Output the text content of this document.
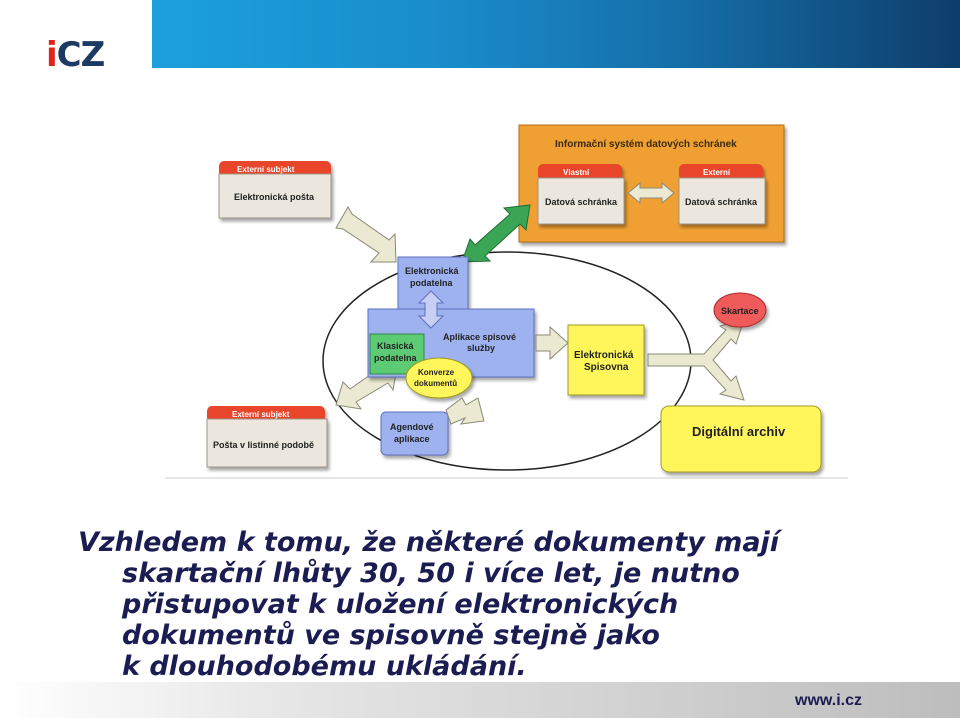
iCZ
Informační systém datových schránek
Vlastní
Datová schránka
Externí
Datová schránka
Externí subjekt
Elektronická pošta
Externí subjekt
Pošta v listinné podobě
Elektronická
podatelna
Aplikace spisové
služby
Klasická
podatelna
Konverze
dokumentů
Agendové
aplikace
Elektronická
Spisovna
Skartace
Digitální archiv
Vzhledem k tomu, že některé dokumenty mají
skartační lhůty 30, 50 i více let, je nutno
přistupovat k uložení elektronických
dokumentů ve spisovně stejně jako
k dlouhodobému ukládání.
www.i.cz
